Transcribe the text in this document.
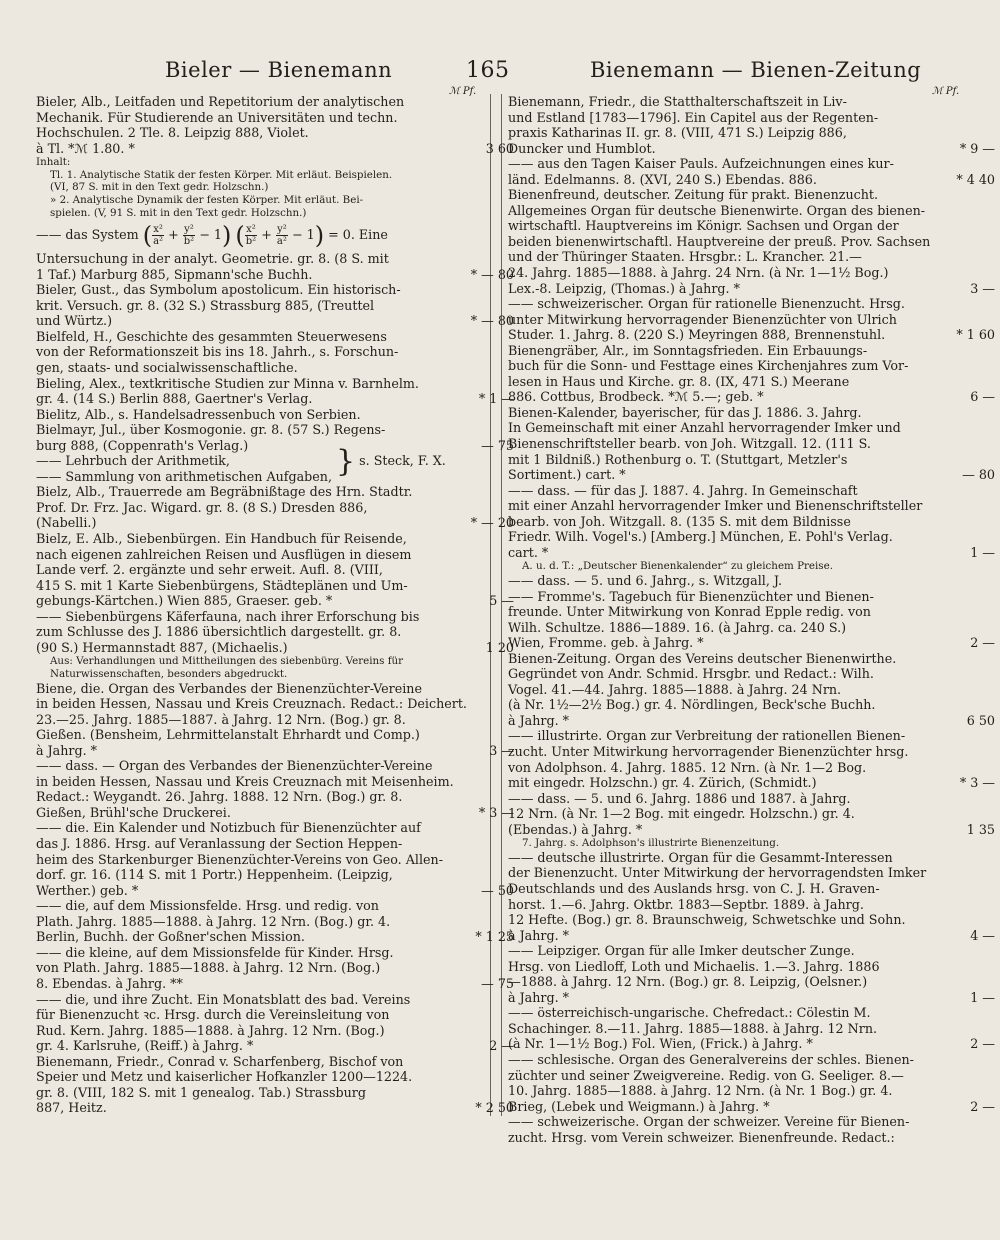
Bieler — Bienemann	165	Bienemann — Bienen-Zeitung
ℳ Pf.	ℳ Pf.
Bieler, Alb., Leitfaden und Repetitorium der analytischen
Mechanik. Für Studierende an Universitäten und techn.
Hochschulen. 2 Tle. 8. Leipzig 888, Violet.
à Tl. *ℳ 1.80. *	3 60
Inhalt:
Tl. 1. Analytische Statik der festen Körper. Mit erläut. Beispielen.
(VI, 87 S. mit in den Text gedr. Holzschn.)
» 2. Analytische Dynamik der festen Körper. Mit erläut. Bei-
spielen. (V, 91 S. mit in den Text gedr. Holzschn.)
—— das System ( $\frac{\text{x²}}{\text{a²}} + \frac{\text{y²}}{\text{b²}} - 1$) ( $\frac{\text{x²}}{\text{b²}} + \frac{\text{y²}}{\text{a²}} - 1) = 0$. Eine
Untersuchung in der analyt. Geometrie. gr. 8. (8 S. mit
1 Taf.) Marburg 885, Sipmann'sche Buchh.	* — 80
Bieler, Gust., das Symbolum apostolicum. Ein historisch-
krit. Versuch. gr. 8. (32 S.) Strassburg 885, (Treuttel
und Würtz.)	* — 80
Bielfeld, H., Geschichte des gesammten Steuerwesens
von der Reformationszeit bis ins 18. Jahrh., s. Forschun-
gen, staats- und socialwissenschaftliche.
Bieling, Alex., textkritische Studien zur Minna v. Barnhelm.
gr. 4. (14 S.) Berlin 888, Gaertner's Verlag.	* 1 —
Bielitz, Alb., s. Handelsadressenbuch von Serbien.
Bielmayr, Jul., über Kosmogonie. gr. 8. (57 S.) Regens-
burg 888, (Coppenrath's Verlag.)	— 75
—— Lehrbuch der Arithmetik,	} s. Steck, F. X.
—— Sammlung von arithmetischen Aufgaben,
Bielz, Alb., Trauerrede am Begräbnißtage des Hrn. Stadtr.
Prof. Dr. Frz. Jac. Wigard. gr. 8. (8 S.) Dresden 886,
(Nabelli.)	* — 20
Bielz, E. Alb., Siebenbürgen. Ein Handbuch für Reisende,
nach eigenen zahlreichen Reisen und Ausflügen in diesem
Lande verf. 2. ergänzte und sehr erweit. Aufl. 8. (VIII,
415 S. mit 1 Karte Siebenbürgens, Städteplänen und Um-
gebungs-Kärtchen.) Wien 885, Graeser. geb. *	5 —
—— Siebenbürgens Käferfauna, nach ihrer Erforschung bis
zum Schlusse des J. 1886 übersichtlich dargestellt. gr. 8.
(90 S.) Hermannstadt 887, (Michaelis.)	1 20
Aus: Verhandlungen und Mittheilungen des siebenbürg. Vereins für
Naturwissenschaften, besonders abgedruckt.
Biene, die. Organ des Verbandes der Bienenzüchter-Vereine
in beiden Hessen, Nassau und Kreis Creuznach. Redact.: Deichert.
23.—25. Jahrg. 1885—1887. à Jahrg. 12 Nrn. (Bog.) gr. 8.
Gießen. (Bensheim, Lehrmittelanstalt Ehrhardt und Comp.)
à Jahrg. *	3 —
—— dass. — Organ des Verbandes der Bienenzüchter-Vereine
in beiden Hessen, Nassau und Kreis Creuznach mit Meisenheim.
Redact.: Weygandt. 26. Jahrg. 1888. 12 Nrn. (Bog.) gr. 8.
Gießen, Brühl'sche Druckerei.	* 3 —
—— die. Ein Kalender und Notizbuch für Bienenzüchter auf
das J. 1886. Hrsg. auf Veranlassung der Section Heppen-
heim des Starkenburger Bienenzüchter-Vereins von Geo. Allen-
dorf. gr. 16. (114 S. mit 1 Portr.) Heppenheim. (Leipzig,
Werther.) geb. *	— 50
—— die, auf dem Missionsfelde. Hrsg. und redig. von
Plath. Jahrg. 1885—1888. à Jahrg. 12 Nrn. (Bog.) gr. 4.
Berlin, Buchh. der Goßner'schen Mission.	* 1 25
—— die kleine, auf dem Missionsfelde für Kinder. Hrsg.
von Plath. Jahrg. 1885—1888. à Jahrg. 12 Nrn. (Bog.)
8. Ebendas. à Jahrg. **	— 75
—— die, und ihre Zucht. Ein Monatsblatt des bad. Vereins
für Bienenzucht ꝛc. Hrsg. durch die Vereinsleitung von
Rud. Kern. Jahrg. 1885—1888. à Jahrg. 12 Nrn. (Bog.)
gr. 4. Karlsruhe, (Reiff.) à Jahrg. *	2 —
Bienemann, Friedr., Conrad v. Scharfenberg, Bischof von
Speier und Metz und kaiserlicher Hofkanzler 1200—1224.
gr. 8. (VIII, 182 S. mit 1 genealog. Tab.) Strassburg
887, Heitz.	* 2 50
Bienemann, Friedr., die Statthalterschaftszeit in Liv-
und Estland [1783—1796]. Ein Capitel aus der Regenten-
praxis Katharinas II. gr. 8. (VIII, 471 S.) Leipzig 886,
Duncker und Humblot.	* 9 —
—— aus den Tagen Kaiser Pauls. Aufzeichnungen eines kur-
länd. Edelmanns. 8. (XVI, 240 S.) Ebendas. 886.	* 4 40
Bienenfreund, deutscher. Zeitung für prakt. Bienenzucht.
Allgemeines Organ für deutsche Bienenwirte. Organ des bienen-
wirtschaftl. Hauptvereins im Königr. Sachsen und Organ der
beiden bienenwirtschaftl. Hauptvereine der preuß. Prov. Sachsen
und der Thüringer Staaten. Hrsgbr.: L. Krancher. 21.—
24. Jahrg. 1885—1888. à Jahrg. 24 Nrn. (à Nr. 1—1½ Bog.)
Lex.-8. Leipzig, (Thomas.) à Jahrg. *	3 —
—— schweizerischer. Organ für rationelle Bienenzucht. Hrsg.
unter Mitwirkung hervorragender Bienenzüchter von Ulrich
Studer. 1. Jahrg. 8. (220 S.) Meyringen 888, Brennenstuhl.	* 1 60
Bienengräber, Alr., im Sonntagsfrieden. Ein Erbauungs-
buch für die Sonn- und Festtage eines Kirchenjahres zum Vor-
lesen in Haus und Kirche. gr. 8. (IX, 471 S.) Meerane
886. Cottbus, Brodbeck. *ℳ 5.—; geb. *	6 —
Bienen-Kalender, bayerischer, für das J. 1886. 3. Jahrg.
In Gemeinschaft mit einer Anzahl hervorragender Imker und
Bienenschriftsteller bearb. von Joh. Witzgall. 12. (111 S.
mit 1 Bildniß.) Rothenburg o. T. (Stuttgart, Metzler's
Sortiment.) cart. *	— 80
—— dass. — für das J. 1887. 4. Jahrg. In Gemeinschaft
mit einer Anzahl hervorragender Imker und Bienenschriftsteller
bearb. von Joh. Witzgall. 8. (135 S. mit dem Bildnisse
Friedr. Wilh. Vogel's.) [Amberg.] München, E. Pohl's Verlag.
cart. *	1 —
A. u. d. T.: „Deutscher Bienenkalender“ zu gleichem Preise.
—— dass. — 5. und 6. Jahrg., s. Witzgall, J.
—— Fromme's. Tagebuch für Bienenzüchter und Bienen-
freunde. Unter Mitwirkung von Konrad Epple redig. von
Wilh. Schultze. 1886—1889. 16. (à Jahrg. ca. 240 S.)
Wien, Fromme. geb. à Jahrg. *	2 —
Bienen-Zeitung. Organ des Vereins deutscher Bienenwirthe.
Gegründet von Andr. Schmid. Hrsgbr. und Redact.: Wilh.
Vogel. 41.—44. Jahrg. 1885—1888. à Jahrg. 24 Nrn.
(à Nr. 1½—2½ Bog.) gr. 4. Nördlingen, Beck'sche Buchh.
à Jahrg. *	6 50
—— illustrirte. Organ zur Verbreitung der rationellen Bienen-
zucht. Unter Mitwirkung hervorragender Bienenzüchter hrsg.
von Adolphson. 4. Jahrg. 1885. 12 Nrn. (à Nr. 1—2 Bog.
mit eingedr. Holzschn.) gr. 4. Zürich, (Schmidt.)	* 3 —
—— dass. — 5. und 6. Jahrg. 1886 und 1887. à Jahrg.
12 Nrn. (à Nr. 1—2 Bog. mit eingedr. Holzschn.) gr. 4.
(Ebendas.) à Jahrg. *	1 35
7. Jahrg. s. Adolphson's illustrirte Bienenzeitung.
—— deutsche illustrirte. Organ für die Gesammt-Interessen
der Bienenzucht. Unter Mitwirkung der hervorragendsten Imker
Deutschlands und des Auslands hrsg. von C. J. H. Graven-
horst. 1.—6. Jahrg. Oktbr. 1883—Septbr. 1889. à Jahrg.
12 Hefte. (Bog.) gr. 8. Braunschweig, Schwetschke und Sohn.
à Jahrg. *	4 —
—— Leipziger. Organ für alle Imker deutscher Zunge.
Hrsg. von Liedloff, Loth und Michaelis. 1.—3. Jahrg. 1886
—1888. à Jahrg. 12 Nrn. (Bog.) gr. 8. Leipzig, (Oelsner.)
à Jahrg. *	1 —
—— österreichisch-ungarische. Chefredact.: Cölestin M.
Schachinger. 8.—11. Jahrg. 1885—1888. à Jahrg. 12 Nrn.
(à Nr. 1—1½ Bog.) Fol. Wien, (Frick.) à Jahrg. *	2 —
—— schlesische. Organ des Generalvereins der schles. Bienen-
züchter und seiner Zweigvereine. Redig. von G. Seeliger. 8.—
10. Jahrg. 1885—1888. à Jahrg. 12 Nrn. (à Nr. 1 Bog.) gr. 4.
Brieg, (Lebek und Weigmann.) à Jahrg. *	2 —
—— schweizerische. Organ der schweizer. Vereine für Bienen-
zucht. Hrsg. vom Verein schweizer. Bienenfreunde. Redact.:
